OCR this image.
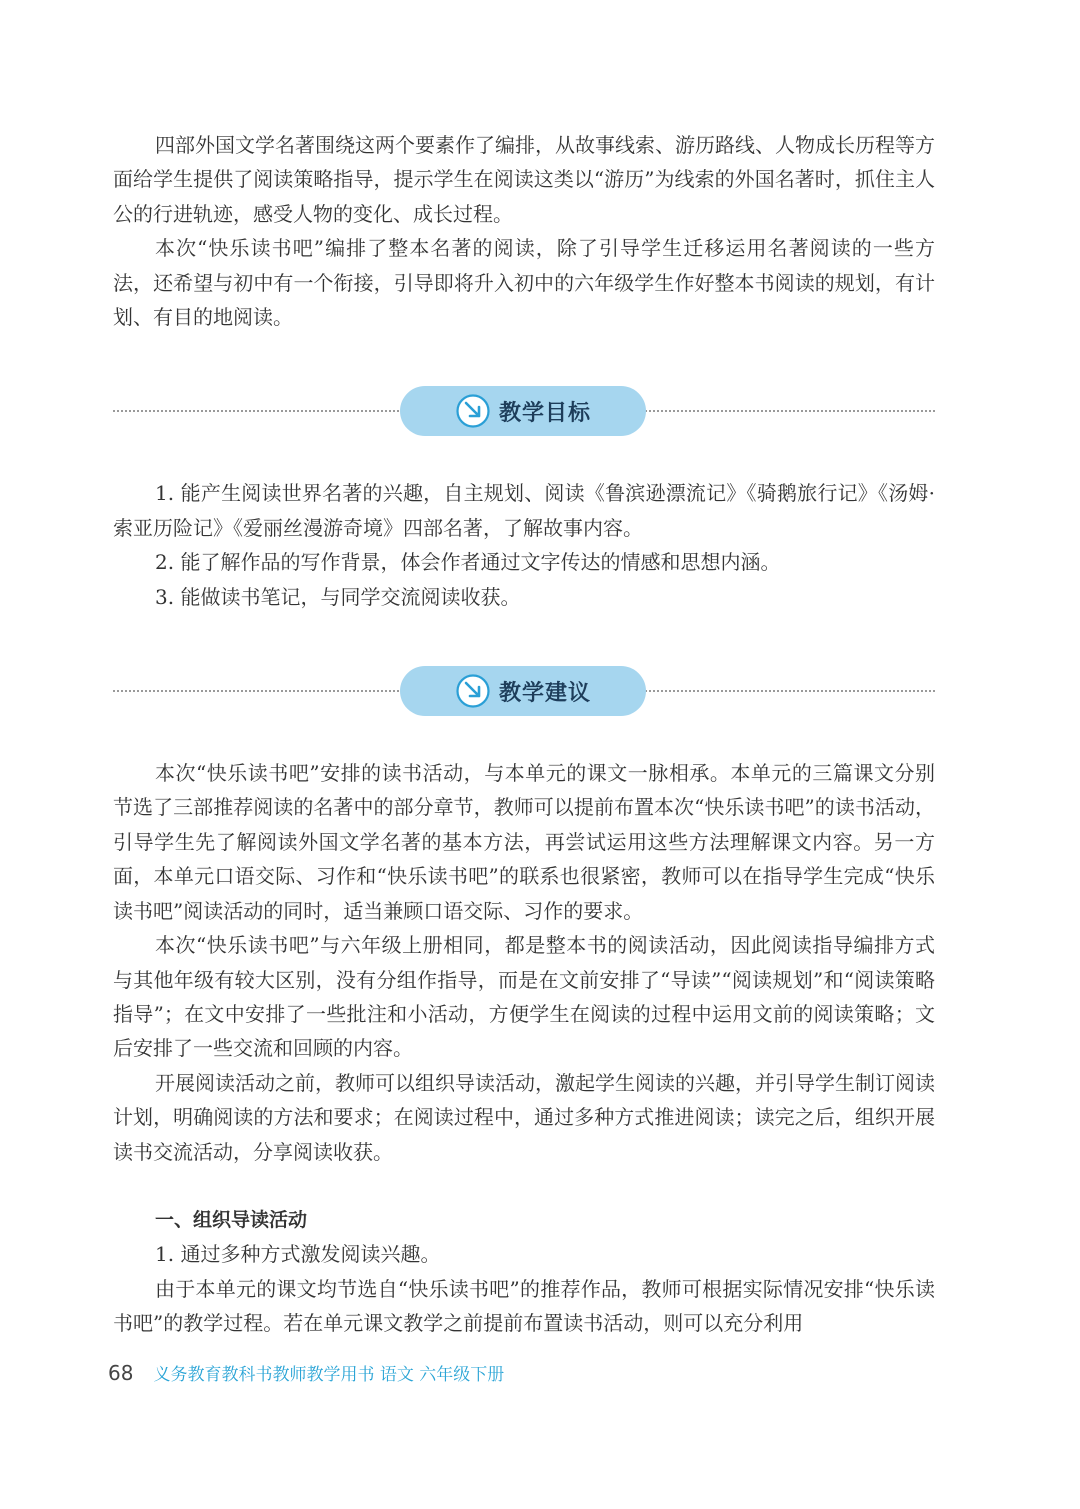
四部外国文学名著围绕这两个要素作了编排，从故事线索、游历路线、人物成长历程等方面给学生提供了阅读策略指导，提示学生在阅读这类以“游历”为线索的外国名著时，抓住主人公的行进轨迹，感受人物的变化、成长过程。

本次“快乐读书吧”编排了整本名著的阅读，除了引导学生迁移运用名著阅读的一些方法，还希望与初中有一个衔接，引导即将升入初中的六年级学生作好整本书阅读的规划，有计划、有目的地阅读。

教学目标

1. 能产生阅读世界名著的兴趣，自主规划、阅读《鲁滨逊漂流记》《骑鹅旅行记》《汤姆·索亚历险记》《爱丽丝漫游奇境》四部名著，了解故事内容。

2. 能了解作品的写作背景，体会作者通过文字传达的情感和思想内涵。

3. 能做读书笔记，与同学交流阅读收获。

教学建议

本次“快乐读书吧”安排的读书活动，与本单元的课文一脉相承。本单元的三篇课文分别节选了三部推荐阅读的名著中的部分章节，教师可以提前布置本次“快乐读书吧”的读书活动，引导学生先了解阅读外国文学名著的基本方法，再尝试运用这些方法理解课文内容。另一方面，本单元口语交际、习作和“快乐读书吧”的联系也很紧密，教师可以在指导学生完成“快乐读书吧”阅读活动的同时，适当兼顾口语交际、习作的要求。

本次“快乐读书吧”与六年级上册相同，都是整本书的阅读活动，因此阅读指导编排方式与其他年级有较大区别，没有分组作指导，而是在文前安排了“导读”“阅读规划”和“阅读策略指导”；在文中安排了一些批注和小活动，方便学生在阅读的过程中运用文前的阅读策略；文后安排了一些交流和回顾的内容。

开展阅读活动之前，教师可以组织导读活动，激起学生阅读的兴趣，并引导学生制订阅读计划，明确阅读的方法和要求；在阅读过程中，通过多种方式推进阅读；读完之后，组织开展读书交流活动，分享阅读收获。

一、组织导读活动

1. 通过多种方式激发阅读兴趣。

由于本单元的课文均节选自“快乐读书吧”的推荐作品，教师可根据实际情况安排“快乐读书吧”的教学过程。若在单元课文教学之前提前布置读书活动，则可以充分利用

68 义务教育教科书教师教学用书 语文 六年级下册
